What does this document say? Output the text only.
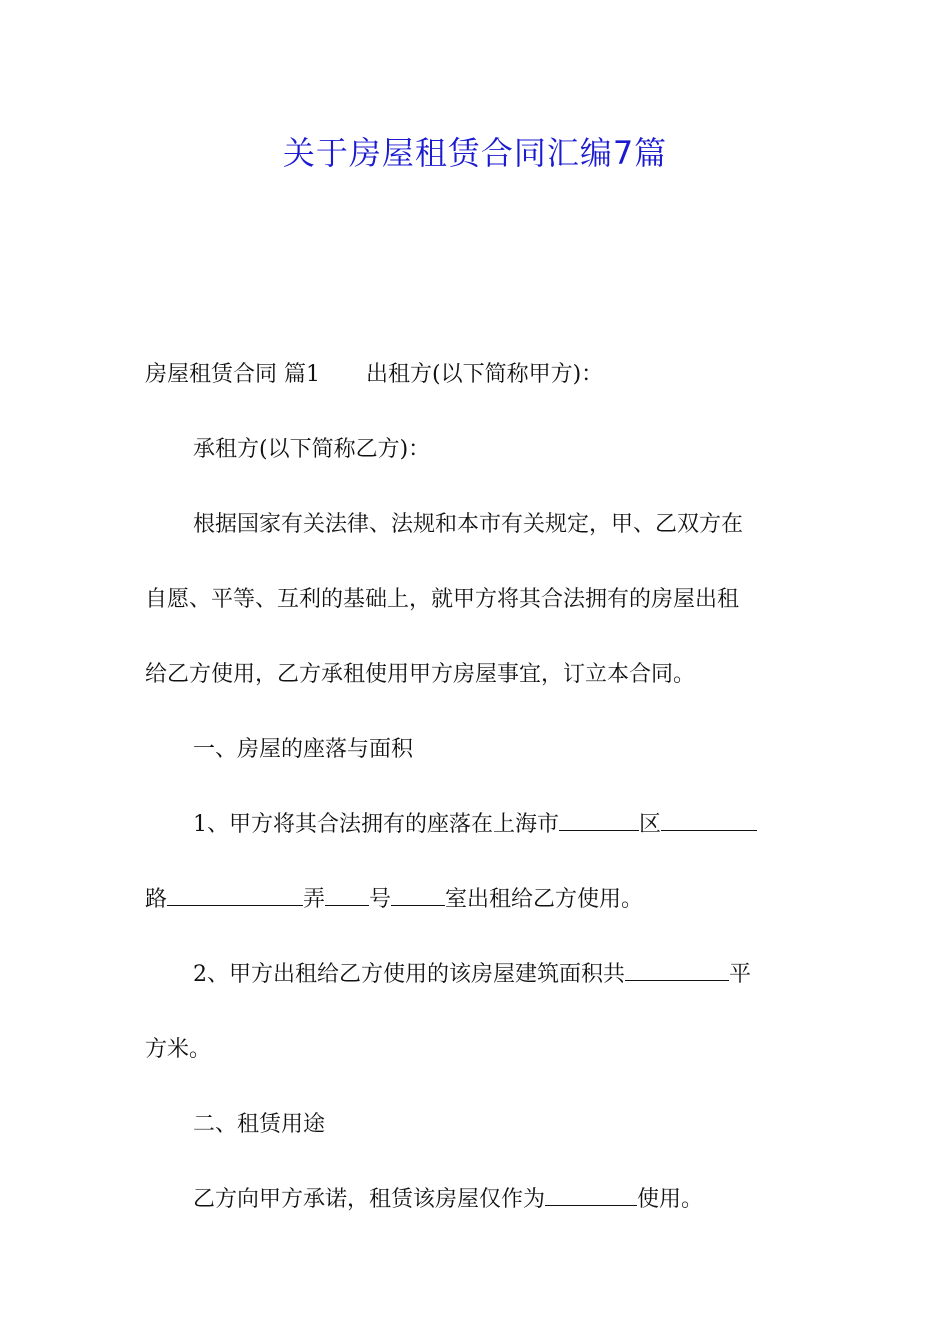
关于房屋租赁合同汇编7篇
房屋租赁合同 篇1 出租方(以下简称甲方)：
承租方(以下简称乙方)：
根据国家有关法律、法规和本市有关规定，甲、乙双方在
自愿、平等、互利的基础上，就甲方将其合法拥有的房屋出租
给乙方使用，乙方承租使用甲方房屋事宜，订立本合同。
一、房屋的座落与面积
1、甲方将其合法拥有的座落在上海市	区
路	弄 号 室出租给乙方使用。
2、甲方出租给乙方使用的该房屋建筑面积共	平
方米。
二、租赁用途
乙方向甲方承诺，租赁该房屋仅作为	使用。
